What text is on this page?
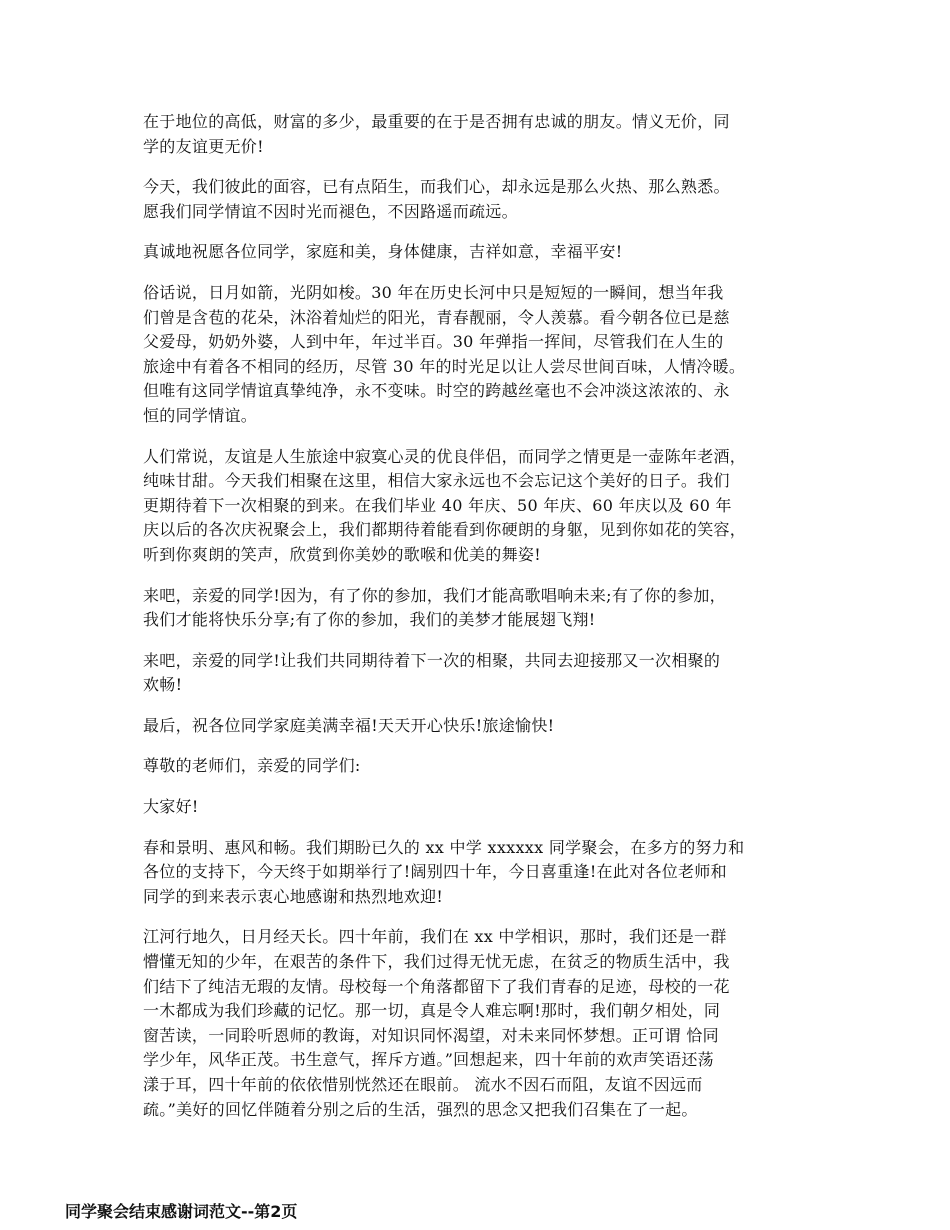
在于地位的高低，财富的多少，最重要的在于是否拥有忠诚的朋友。情义无价，同
学的友谊更无价!

今天，我们彼此的面容，已有点陌生，而我们心，却永远是那么火热、那么熟悉。
愿我们同学情谊不因时光而褪色，不因路遥而疏远。

真诚地祝愿各位同学，家庭和美，身体健康，吉祥如意，幸福平安!

俗话说，日月如箭，光阴如梭。30 年在历史长河中只是短短的一瞬间，想当年我
们曾是含苞的花朵，沐浴着灿烂的阳光，青春靓丽，令人羡慕。看今朝各位已是慈
父爱母，奶奶外婆，人到中年，年过半百。30 年弹指一挥间，尽管我们在人生的
旅途中有着各不相同的经历，尽管 30 年的时光足以让人尝尽世间百味，人情冷暖。
但唯有这同学情谊真挚纯净，永不变味。时空的跨越丝毫也不会冲淡这浓浓的、永
恒的同学情谊。

人们常说，友谊是人生旅途中寂寞心灵的优良伴侣，而同学之情更是一壶陈年老酒，
纯味甘甜。今天我们相聚在这里，相信大家永远也不会忘记这个美好的日子。我们
更期待着下一次相聚的到来。在我们毕业 40 年庆、50 年庆、60 年庆以及 60 年
庆以后的各次庆祝聚会上，我们都期待着能看到你硬朗的身躯，见到你如花的笑容，
听到你爽朗的笑声，欣赏到你美妙的歌喉和优美的舞姿!

来吧，亲爱的同学!因为，有了你的参加，我们才能高歌唱响未来;有了你的参加，
我们才能将快乐分享;有了你的参加，我们的美梦才能展翅飞翔!

来吧，亲爱的同学!让我们共同期待着下一次的相聚，共同去迎接那又一次相聚的
欢畅!

最后，祝各位同学家庭美满幸福!天天开心快乐!旅途愉快!

尊敬的老师们，亲爱的同学们:

大家好!

春和景明、惠风和畅。我们期盼已久的 xx 中学 xxxxxx 同学聚会，在多方的努力和
各位的支持下，今天终于如期举行了!阔别四十年，今日喜重逢!在此对各位老师和
同学的到来表示衷心地感谢和热烈地欢迎!

江河行地久，日月经天长。四十年前，我们在 xx 中学相识，那时，我们还是一群
懵懂无知的少年，在艰苦的条件下，我们过得无忧无虑，在贫乏的物质生活中，我
们结下了纯洁无瑕的友情。母校每一个角落都留下了我们青春的足迹，母校的一花
一木都成为我们珍藏的记忆。那一切，真是令人难忘啊!那时，我们朝夕相处，同
窗苦读，一同聆听恩师的教诲，对知识同怀渴望，对未来同怀梦想。正可谓 恰同
学少年，风华正茂。书生意气，挥斥方遒。”回想起来，四十年前的欢声笑语还荡
漾于耳，四十年前的依依惜别恍然还在眼前。 流水不因石而阻，友谊不因远而
疏。”美好的回忆伴随着分别之后的生活，强烈的思念又把我们召集在了一起。

同学聚会结束感谢词范文--第2页
